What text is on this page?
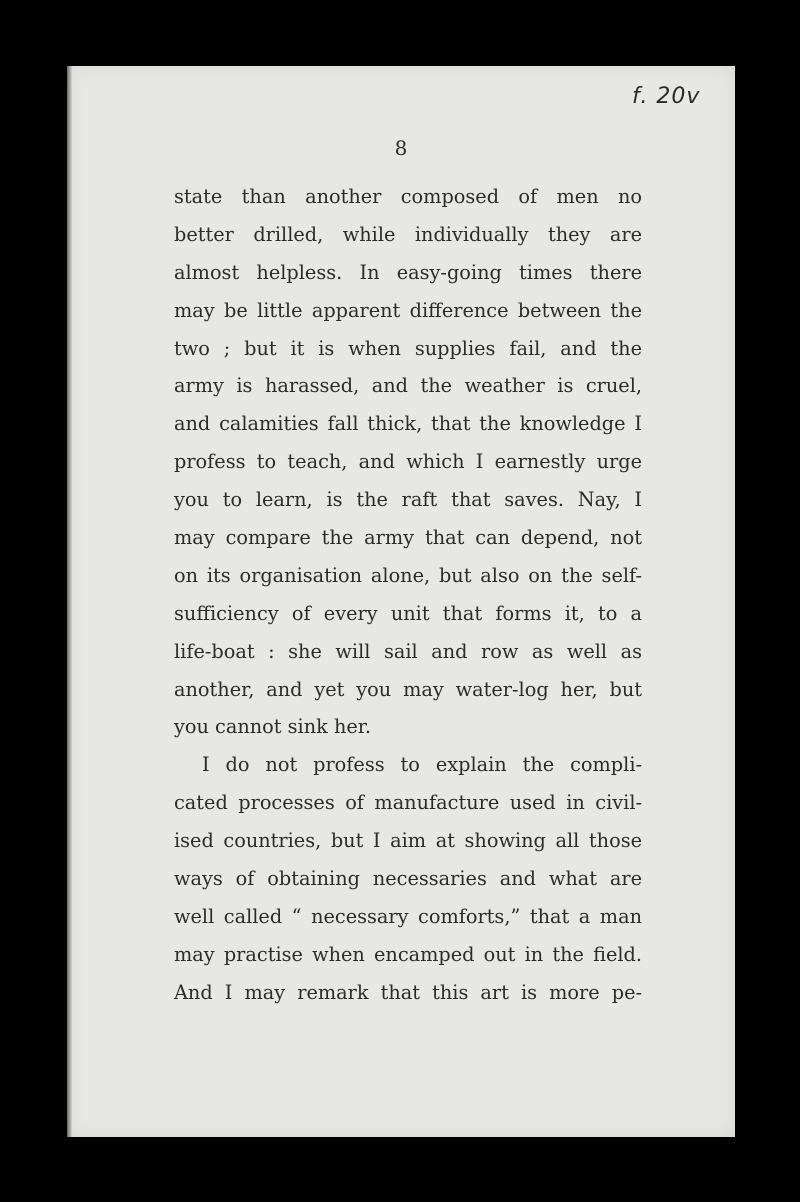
f. 20v
8
state than another composed of men no
better drilled, while individually they are
almost helpless. In easy-going times there
may be little apparent difference between the
two ; but it is when supplies fail, and the
army is harassed, and the weather is cruel,
and calamities fall thick, that the knowledge I
profess to teach, and which I earnestly urge
you to learn, is the raft that saves. Nay, I
may compare the army that can depend, not
on its organisation alone, but also on the self-
sufficiency of every unit that forms it, to a
life-boat : she will sail and row as well as
another, and yet you may water-log her, but
you cannot sink her.
I do not profess to explain the compli-
cated processes of manufacture used in civil-
ised countries, but I aim at showing all those
ways of obtaining necessaries and what are
well called “ necessary comforts,” that a man
may practise when encamped out in the field.
And I may remark that this art is more pe-
